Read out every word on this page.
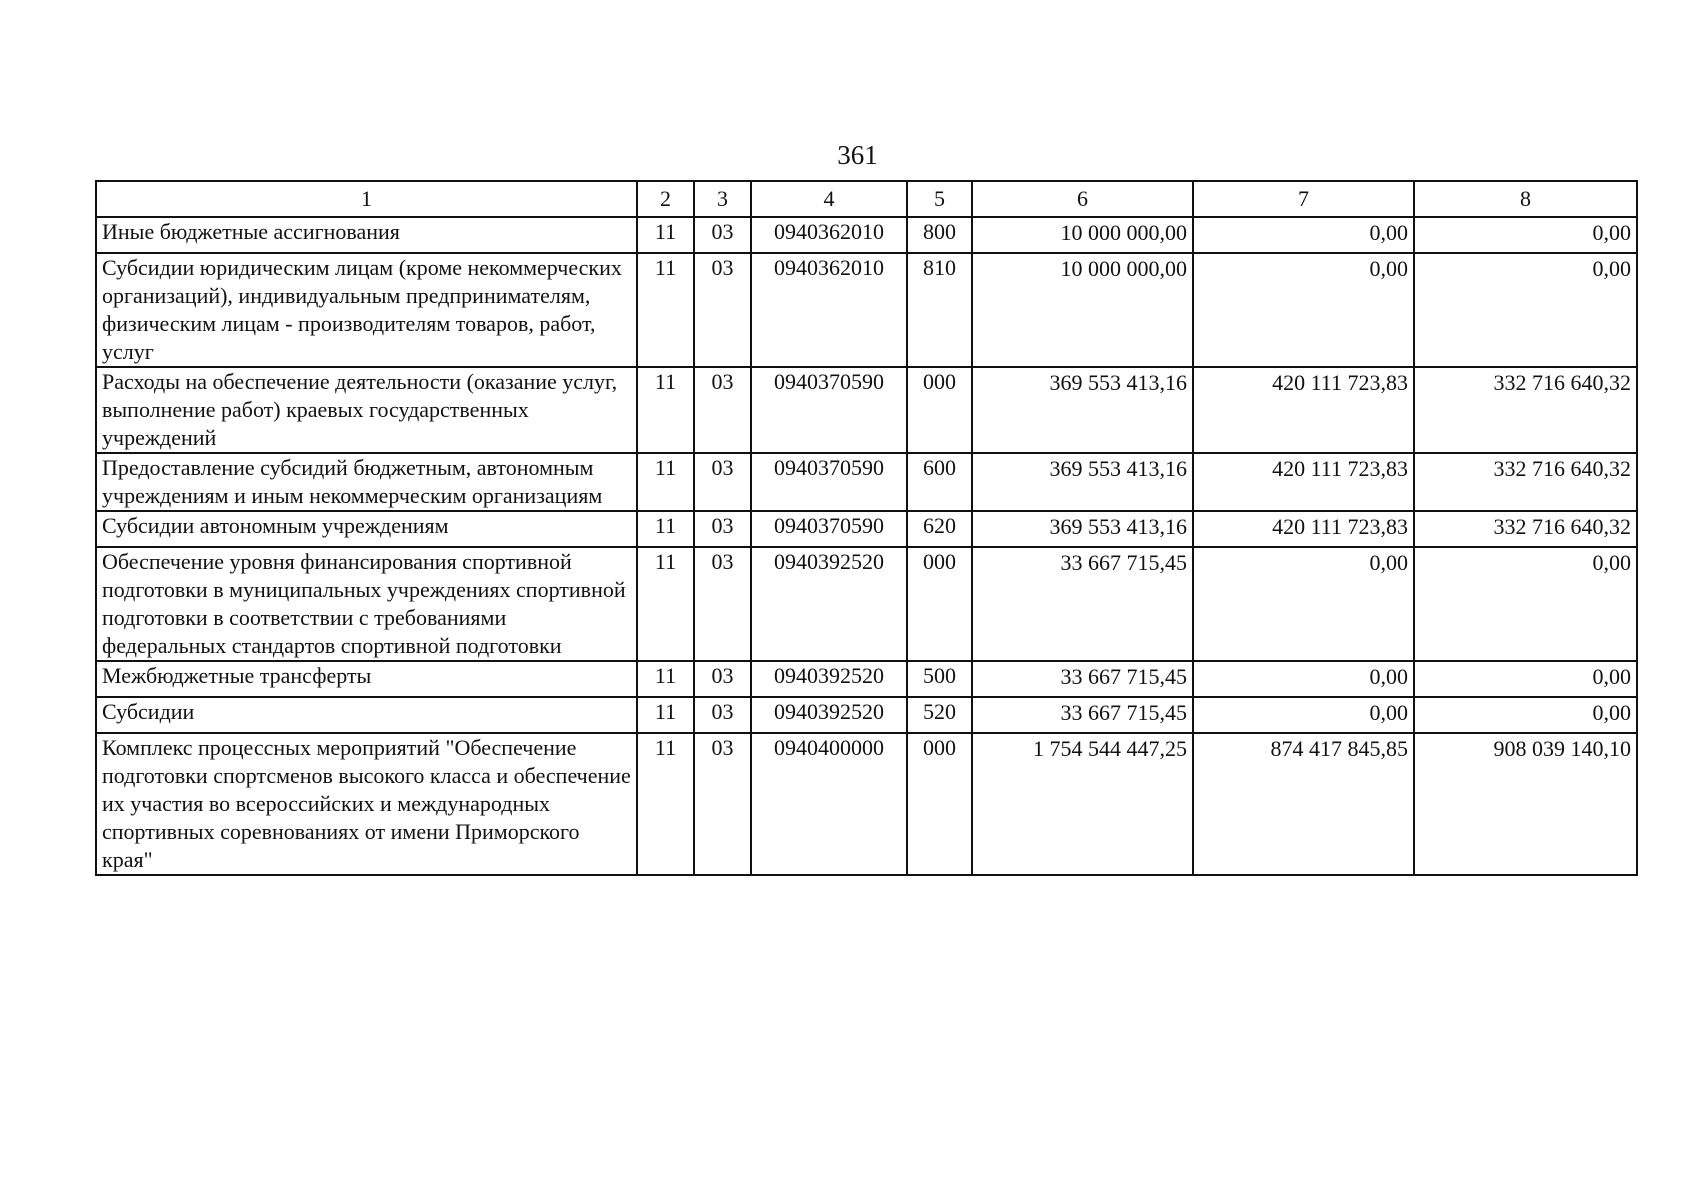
361
1	2	3	4	5	6	7	8
Иные бюджетные ассигнования	11	03	0940362010	800	10 000 000,00	0,00	0,00

Субсидии юридическим лицам (кроме некоммерческих организаций), индивидуальным предпринимателям, физическим лицам - производителям товаров, работ, услуг	11	03	0940362010	810	10 000 000,00	0,00	0,00

Расходы на обеспечение деятельности (оказание услуг, выполнение работ) краевых государственных учреждений	11	03	0940370590	000	369 553 413,16	420 111 723,83	332 716 640,32

Предоставление субсидий бюджетным, автономным учреждениям и иным некоммерческим организациям	11	03	0940370590	600	369 553 413,16	420 111 723,83	332 716 640,32

Субсидии автономным учреждениям	11	03	0940370590	620	369 553 413,16	420 111 723,83	332 716 640,32

Обеспечение уровня финансирования спортивной подготовки в муниципальных учреждениях спортивной подготовки в соответствии с требованиями федеральных стандартов спортивной подготовки	11	03	0940392520	000	33 667 715,45	0,00	0,00

Межбюджетные трансферты	11	03	0940392520	500	33 667 715,45	0,00	0,00

Субсидии	11	03	0940392520	520	33 667 715,45	0,00	0,00

Комплекс процессных мероприятий "Обеспечение подготовки спортсменов высокого класса и обеспечение их участия во всероссийских и международных спортивных соревнованиях от имени Приморского края"	11	03	0940400000	000	1 754 544 447,25	874 417 845,85	908 039 140,10
